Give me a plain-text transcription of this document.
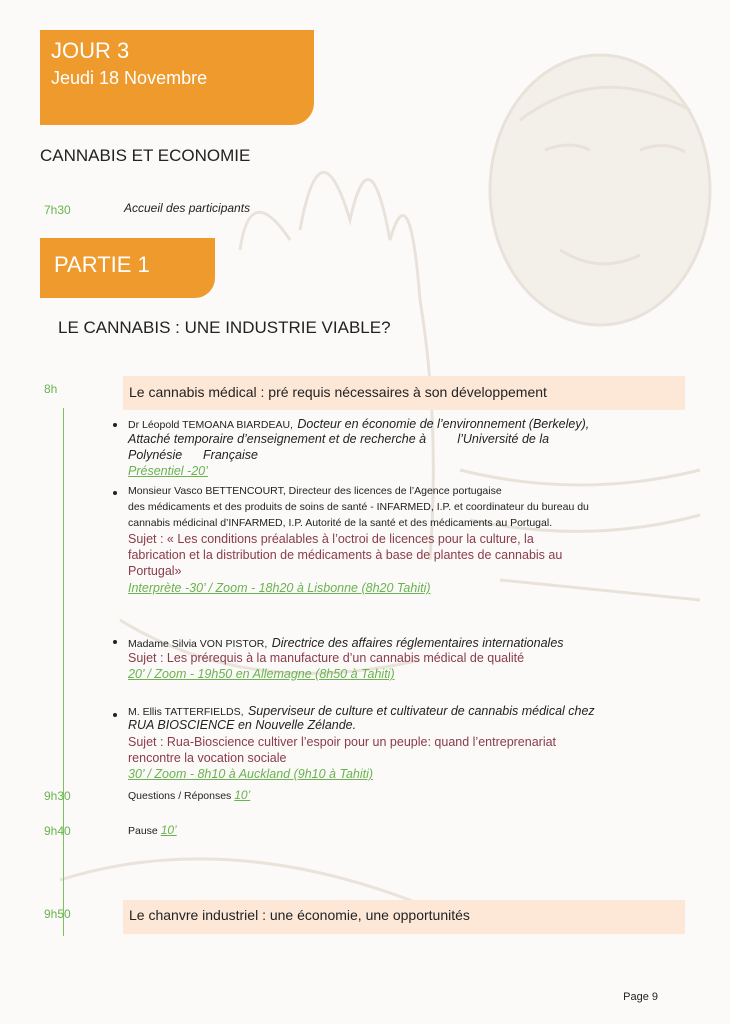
JOUR 3
Jeudi 18 Novembre
CANNABIS ET ECONOMIE
7h30	Accueil des participants
PARTIE 1
LE CANNABIS : UNE INDUSTRIE VIABLE?
8h	Le cannabis médical : pré requis nécessaires à son développement
Dr Léopold TEMOANA BIARDEAU, Docteur en économie de l’environnement (Berkeley),
Attaché temporaire d’enseignement et de recherche à         l’Université de la
Polynésie      Française
Présentiel -20’
Monsieur Vasco BETTENCOURT, Directeur des licences de l’Agence portugaise
des médicaments et des produits de soins de santé - INFARMED, I.P. et coordinateur du bureau du
cannabis médicinal d’INFARMED, I.P. Autorité de la santé et des médicaments au Portugal.
Sujet : « Les conditions préalables à l’octroi de licences pour la culture, la
fabrication et la distribution de médicaments à base de plantes de cannabis au
Portugal»
Interprète -30’ / Zoom - 18h20 à Lisbonne (8h20 Tahiti)
Madame Silvia VON PISTOR, Directrice des affaires réglementaires internationales
Sujet : Les prérequis à la manufacture d’un cannabis médical de qualité
20’ / Zoom - 19h50 en Allemagne (8h50 à Tahiti)
M. Ellis TATTERFIELDS, Superviseur de culture et cultivateur de cannabis médical chez
RUA BIOSCIENCE en Nouvelle Zélande.
Sujet : Rua-Bioscience cultiver l’espoir pour un peuple: quand l’entreprenariat
rencontre la vocation sociale
30’ / Zoom - 8h10 à Auckland (9h10 à Tahiti)
9h30	Questions / Réponses 10’
9h40	Pause 10’
9h50	Le chanvre industriel : une économie, une opportunités
Page 9
